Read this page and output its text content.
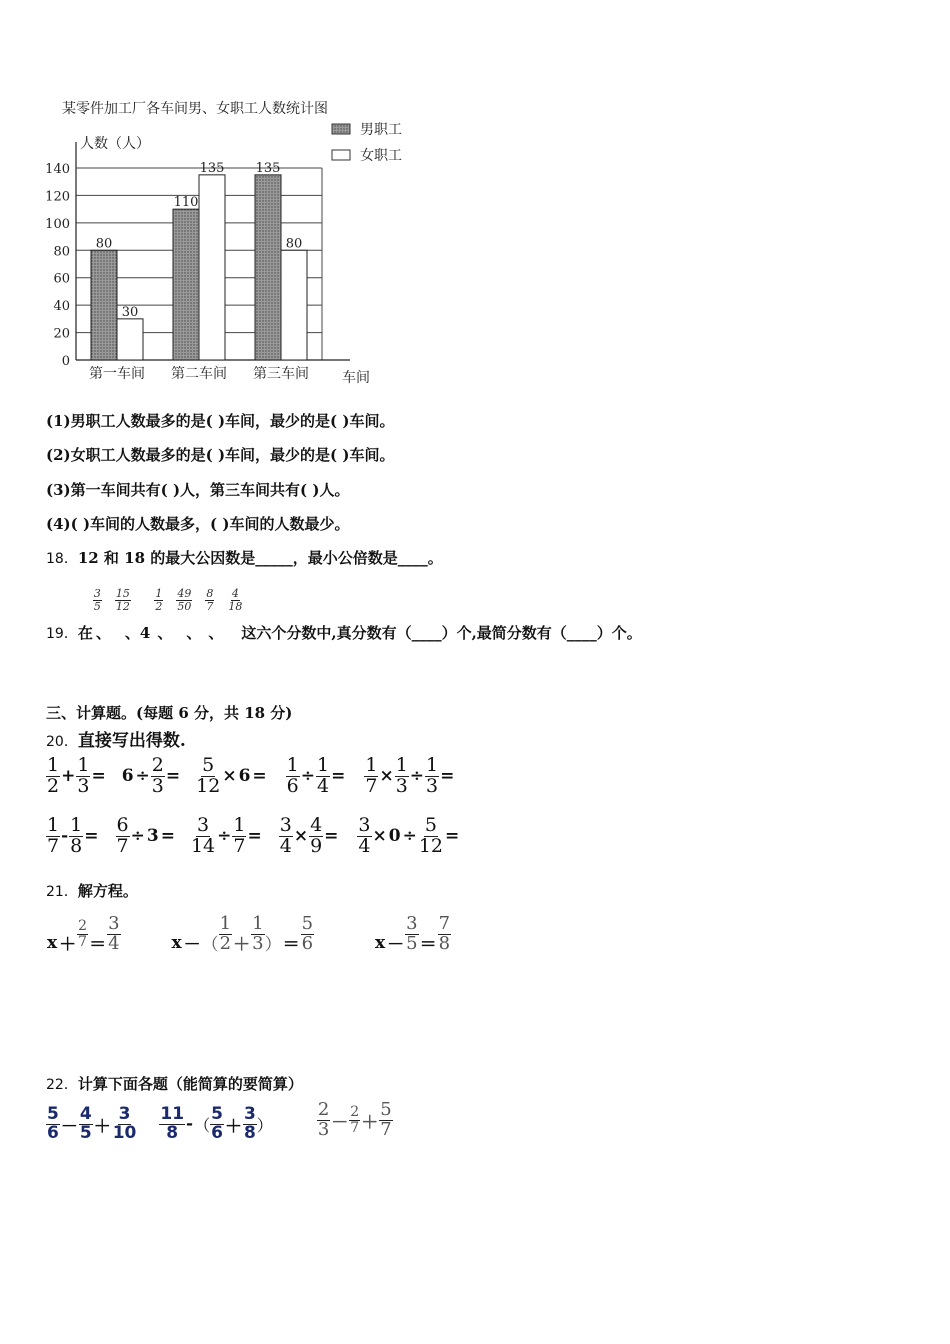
某零件加工厂各车间男、女职工人数统计图
人数（人）
车间
男职工
女职工
0
20
40
60
80
100
120
140
80
30
第一车间
110
135
第二车间
135
80
第三车间
(1)男职工人数最多的是( )车间，最少的是( )车间。
(2)女职工人数最多的是( )车间，最少的是( )车间。
(3)第一车间共有( )人，第三车间共有( )人。
(4)( )车间的人数最多，( )车间的人数最少。
18．12 和 18 的最大公因数是_____，最小公倍数是____。
19． 在
$\frac{3}{5}$
、
$\frac{15}{12}$
、 4
$\frac{1}{2}$
、
$\frac{49}{50}$
、
$\frac{8}{7}$
、
$\frac{4}{18}$
这六个分数中,真分数有（____）个,最简分数有（____）个。
三、计算题。(每题 6 分，共 18 分)
20．直接写出得数.
$\frac{1}{2} + \frac{1}{3} = 6 \div \frac{2}{3} = \frac{5}{12} \times 6 = \frac{1}{6} \div \frac{1}{4} = \frac{1}{7} \times \frac{1}{3} \div \frac{1}{3}$ =
$\frac{1}{7} - \frac{1}{8} = \frac{6}{7} \div 3 = \frac{3}{14} \div \frac{1}{7} = \frac{3}{4} \times \frac{4}{9} = \frac{3}{4} \times 0 \div \frac{5}{12}$ =
21．解方程。
$x + \frac{2}{7} = \frac{3}{4}$	x － （ $\frac{1}{2} + \frac{1}{3}$ ） ＝ $\frac{5}{6}$	$x - \frac{3}{5} = \frac{7}{8}$
22．计算下面各题（能简算的要简算）
$\frac{5}{6} - \frac{4}{5} + \frac{3}{10} \frac{11}{8}$ - （ $\frac{5}{6} + \frac{3}{8}$ ） $\frac{2}{3} - \frac{2}{7} + \frac{5}{7}$
